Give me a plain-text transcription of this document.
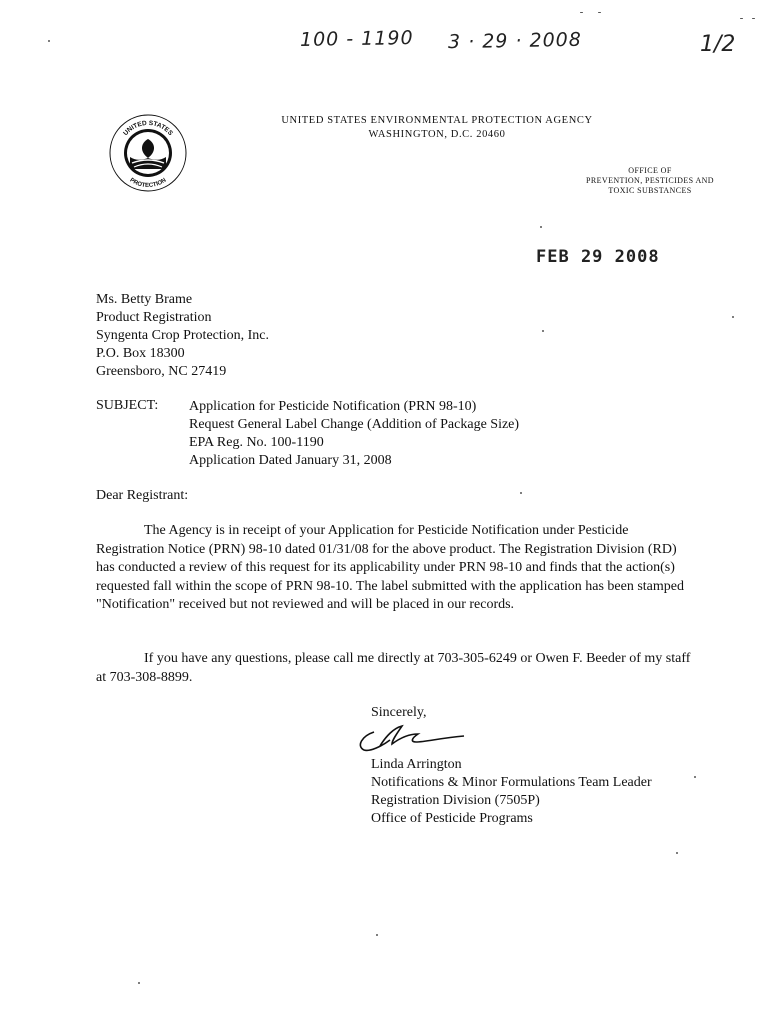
100 - 1190 3 · 29 · 2008	1/2
UNITED STATES
PROTECTION
UNITED STATES ENVIRONMENTAL PROTECTION AGENCY
WASHINGTON, D.C. 20460
OFFICE OF
PREVENTION, PESTICIDES AND
TOXIC SUBSTANCES
FEB 29 2008
Ms. Betty Brame
Product Registration
Syngenta Crop Protection, Inc.
P.O. Box 18300
Greensboro, NC 27419
SUBJECT: Application for Pesticide Notification (PRN 98-10)
Request General Label Change (Addition of Package Size)
EPA Reg. No. 100-1190
Application Dated January 31, 2008
Dear Registrant:
The Agency is in receipt of your Application for Pesticide Notification under Pesticide Registration Notice (PRN) 98-10 dated 01/31/08 for the above product. The Registration Division (RD) has conducted a review of this request for its applicability under PRN 98-10 and finds that the action(s) requested fall within the scope of PRN 98-10. The label submitted with the application has been stamped "Notification" received but not reviewed and will be placed in our records.
If you have any questions, please call me directly at 703-305-6249 or Owen F. Beeder of my staff at 703-308-8899.
Sincerely,
Linda Arrington
Notifications & Minor Formulations Team Leader
Registration Division (7505P)
Office of Pesticide Programs
